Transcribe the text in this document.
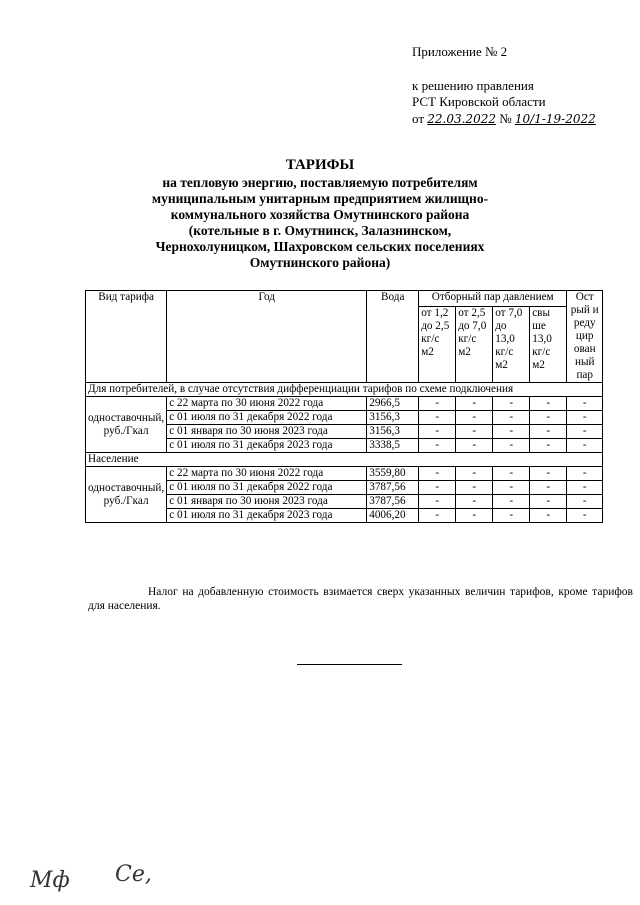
Приложение № 2
к решению правления
РСТ Кировской области
от 22.03.2022 № 10/1-19-2022
ТАРИФЫ
на тепловую энергию, поставляемую потребителям
муниципальным унитарным предприятием жилищно-
коммунального хозяйства Омутнинского района
(котельные в г. Омутнинск, Залазнинском,
Чернохолуницком, Шахровском сельских поселениях
Омутнинского района)
Вид тарифа	Год	Вода	Отборный пар давлением				Ост рый и реду цир ован ный пар
			от 1,2 до 2,5 кг/с м2	от 2,5 до 7,0 кг/с м2	от 7,0 до 13,0 кг/с м2	свы ше 13,0 кг/с м2	
Для потребителей, в случае отсутствия дифференциации тарифов по схеме подключения							
одноставочный, руб./Гкал	с 22 марта по 30 июня 2022 года	2966,5	-	-	-	-	-
	с 01 июля по 31 декабря 2022 года	3156,3	-	-	-	-	-
	с 01 января по 30 июня 2023 года	3156,3	-	-	-	-	-
	с 01 июля по 31 декабря 2023 года	3338,5	-	-	-	-	-
Население							
одноставочный, руб./Гкал	с 22 марта по 30 июня 2022 года	3559,80	-	-	-	-	-
	с 01 июля по 31 декабря 2022 года	3787,56	-	-	-	-	-
	с 01 января по 30 июня 2023 года	3787,56	-	-	-	-	-
	с 01 июля по 31 декабря 2023 года	4006,20	-	-	-	-	-
Налог на добавленную стоимость взимается сверх указанных величин тарифов, кроме тарифов для населения.
Мф Се,
